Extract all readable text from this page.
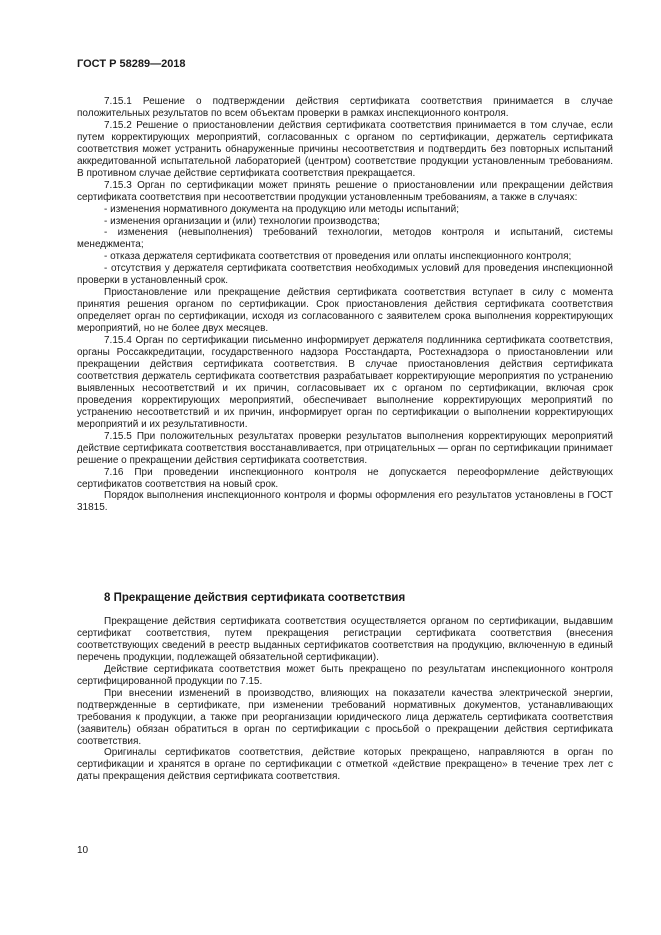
ГОСТ Р 58289—2018

7.15.1 Решение о подтверждении действия сертификата соответствия принимается в случае положительных результатов по всем объектам проверки в рамках инспекционного контроля.

7.15.2 Решение о приостановлении действия сертификата соответствия принимается в том случае, если путем корректирующих мероприятий, согласованных с органом по сертификации, держатель сертификата соответствия может устранить обнаруженные причины несоответствия и подтвердить без повторных испытаний аккредитованной испытательной лабораторией (центром) соответствие продукции установленным требованиям. В противном случае действие сертификата соответствия прекращается.

7.15.3 Орган по сертификации может принять решение о приостановлении или прекращении действия сертификата соответствия при несоответствии продукции установленным требованиям, а также в случаях:

- изменения нормативного документа на продукцию или методы испытаний;

- изменения организации и (или) технологии производства;

- изменения (невыполнения) требований технологии, методов контроля и испытаний, системы менеджмента;

- отказа держателя сертификата соответствия от проведения или оплаты инспекционного контроля;

- отсутствия у держателя сертификата соответствия необходимых условий для проведения инспекционной проверки в установленный срок.

Приостановление или прекращение действия сертификата соответствия вступает в силу с момента принятия решения органом по сертификации. Срок приостановления действия сертификата соответствия определяет орган по сертификации, исходя из согласованного с заявителем срока выполнения корректирующих мероприятий, но не более двух месяцев.

7.15.4 Орган по сертификации письменно информирует держателя подлинника сертификата соответствия, органы Россаккредитации, государственного надзора Росстандарта, Ростехнадзора о приостановлении или прекращении действия сертификата соответствия. В случае приостановления действия сертификата соответствия держатель сертификата соответствия разрабатывает корректирующие мероприятия по устранению выявленных несоответствий и их причин, согласовывает их с органом по сертификации, включая срок проведения корректирующих мероприятий, обеспечивает выполнение корректирующих мероприятий по устранению несоответствий и их причин, информирует орган по сертификации о выполнении корректирующих мероприятий и их результативности.

7.15.5 При положительных результатах проверки результатов выполнения корректирующих мероприятий действие сертификата соответствия восстанавливается, при отрицательных — орган по сертификации принимает решение о прекращении действия сертификата соответствия.

7.16 При проведении инспекционного контроля не допускается переоформление действующих сертификатов соответствия на новый срок.

Порядок выполнения инспекционного контроля и формы оформления его результатов установлены в ГОСТ 31815.

8 Прекращение действия сертификата соответствия

Прекращение действия сертификата соответствия осуществляется органом по сертификации, выдавшим сертификат соответствия, путем прекращения регистрации сертификата соответствия (внесения соответствующих сведений в реестр выданных сертификатов соответствия на продукцию, включенную в единый перечень продукции, подлежащей обязательной сертификации).

Действие сертификата соответствия может быть прекращено по результатам инспекционного контроля сертифицированной продукции по 7.15.

При внесении изменений в производство, влияющих на показатели качества электрической энергии, подтвержденные в сертификате, при изменении требований нормативных документов, устанавливающих требования к продукции, а также при реорганизации юридического лица держатель сертификата соответствия (заявитель) обязан обратиться в орган по сертификации с просьбой о прекращении действия сертификата соответствия.

Оригиналы сертификатов соответствия, действие которых прекращено, направляются в орган по сертификации и хранятся в органе по сертификации с отметкой «действие прекращено» в течение трех лет с даты прекращения действия сертификата соответствия.

10
